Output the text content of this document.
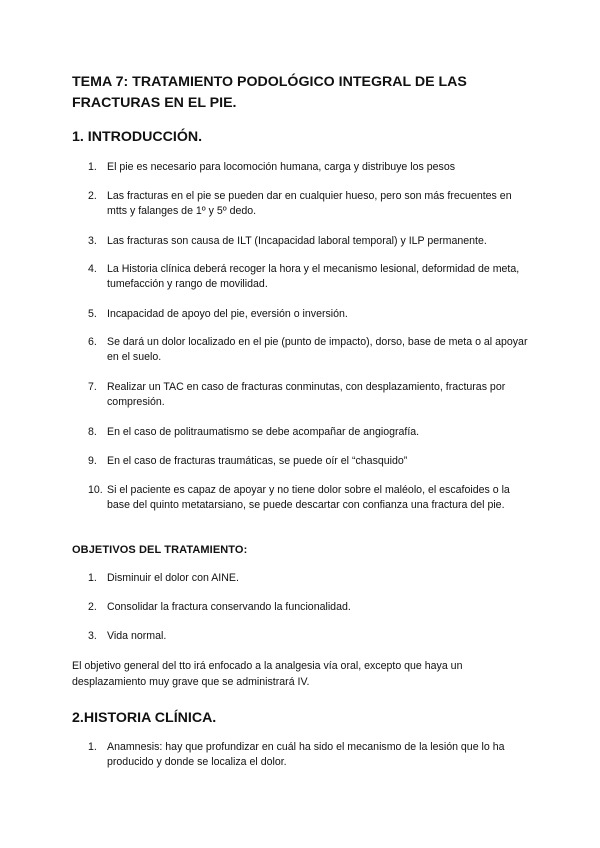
TEMA 7: TRATAMIENTO PODOLÓGICO INTEGRAL DE LAS FRACTURAS EN EL PIE.
1. INTRODUCCIÓN.
1. El pie es necesario para locomoción humana, carga y distribuye los pesos
2. Las fracturas en el pie se pueden dar en cualquier hueso, pero son más frecuentes en mtts y falanges de 1º y 5º dedo.
3. Las fracturas son causa de ILT (Incapacidad laboral temporal) y ILP permanente.
4. La Historia clínica deberá recoger la hora y el mecanismo lesional, deformidad de meta, tumefacción y rango de movilidad.
5. Incapacidad de apoyo del pie, eversión o inversión.
6. Se dará un dolor localizado en el pie (punto de impacto), dorso, base de meta o al apoyar en el suelo.
7. Realizar un TAC en caso de fracturas conminutas, con desplazamiento, fracturas por compresión.
8. En el caso de politraumatismo se debe acompañar de angiografía.
9. En el caso de fracturas traumáticas, se puede oír el “chasquido”
10. Si el paciente es capaz de apoyar y no tiene dolor sobre el maléolo, el escafoides o la base del quinto metatarsiano, se puede descartar con confianza una fractura del pie.
OBJETIVOS DEL TRATAMIENTO:
1. Disminuir el dolor con AINE.
2. Consolidar la fractura conservando la funcionalidad.
3. Vida normal.

El objetivo general del tto irá enfocado a la analgesia vía oral, excepto que haya un desplazamiento muy grave que se administrará IV.

2.HISTORIA CLÍNICA.
1. Anamnesis: hay que profundizar en cuál ha sido el mecanismo de la lesión que lo ha producido y donde se localiza el dolor.
